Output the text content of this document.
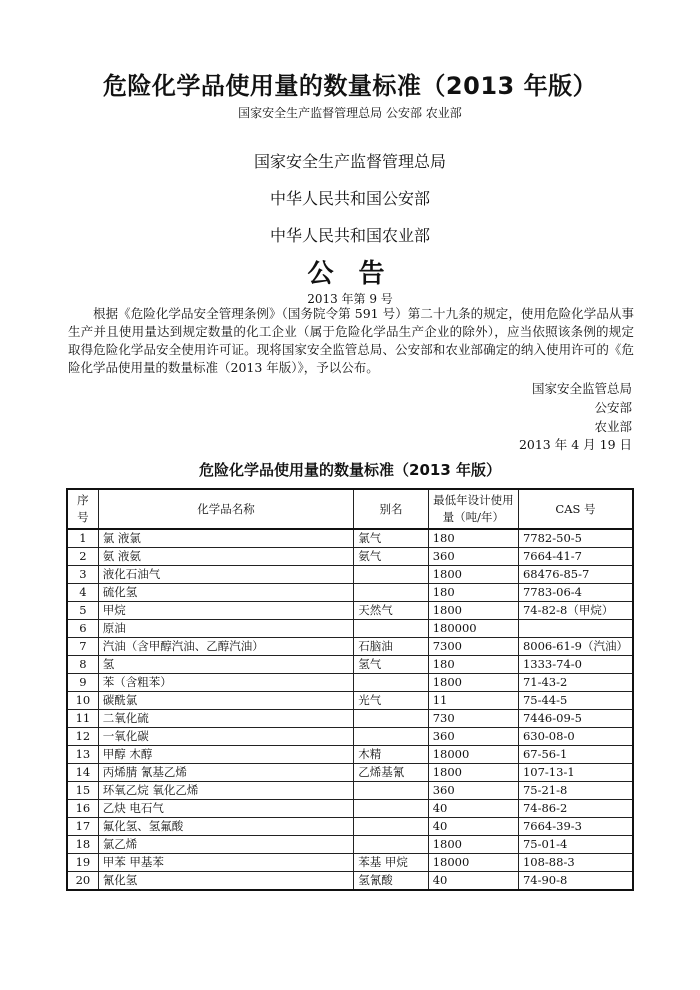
危险化学品使用量的数量标准（2013 年版）
国家安全生产监督管理总局 公安部 农业部
国家安全生产监督管理总局
中华人民共和国公安部
中华人民共和国农业部
公 告
2013 年第 9 号

根据《危险化学品安全管理条例》（国务院令第 591 号）第二十九条的规定，使用危险化学品从事生产并且使用量达到规定数量的化工企业（属于危险化学品生产企业的除外），应当依照该条例的规定取得危险化学品安全使用许可证。现将国家安全监管总局、公安部和农业部确定的纳入使用许可的《危险化学品使用量的数量标准（2013 年版）》，予以公布。

国家安全监管总局
公安部
农业部
2013 年 4 月 19 日
危险化学品使用量的数量标准（2013 年版）
序号	化学品名称	别名	最低年设计使用量（吨/年）	CAS 号
1	氯 液氯	氯气	180	7782-50-5
2	氨 液氨	氨气	360	7664-41-7
3	液化石油气		1800	68476-85-7
4	硫化氢		180	7783-06-4
5	甲烷	天然气	1800	74-82-8（甲烷）
6	原油		180000	
7	汽油（含甲醇汽油、乙醇汽油）	石脑油	7300	8006-61-9（汽油）
8	氢	氢气	180	1333-74-0
9	苯（含粗苯）		1800	71-43-2
10	碳酰氯	光气	11	75-44-5
11	二氧化硫		730	7446-09-5
12	一氧化碳		360	630-08-0
13	甲醇 木醇	木精	18000	67-56-1
14	丙烯腈 氰基乙烯	乙烯基氰	1800	107-13-1
15	环氧乙烷 氧化乙烯		360	75-21-8
16	乙炔 电石气		40	74-86-2
17	氟化氢、氢氟酸		40	7664-39-3
18	氯乙烯		1800	75-01-4
19	甲苯 甲基苯	苯基 甲烷	18000	108-88-3
20	氰化氢	氢氰酸	40	74-90-8
